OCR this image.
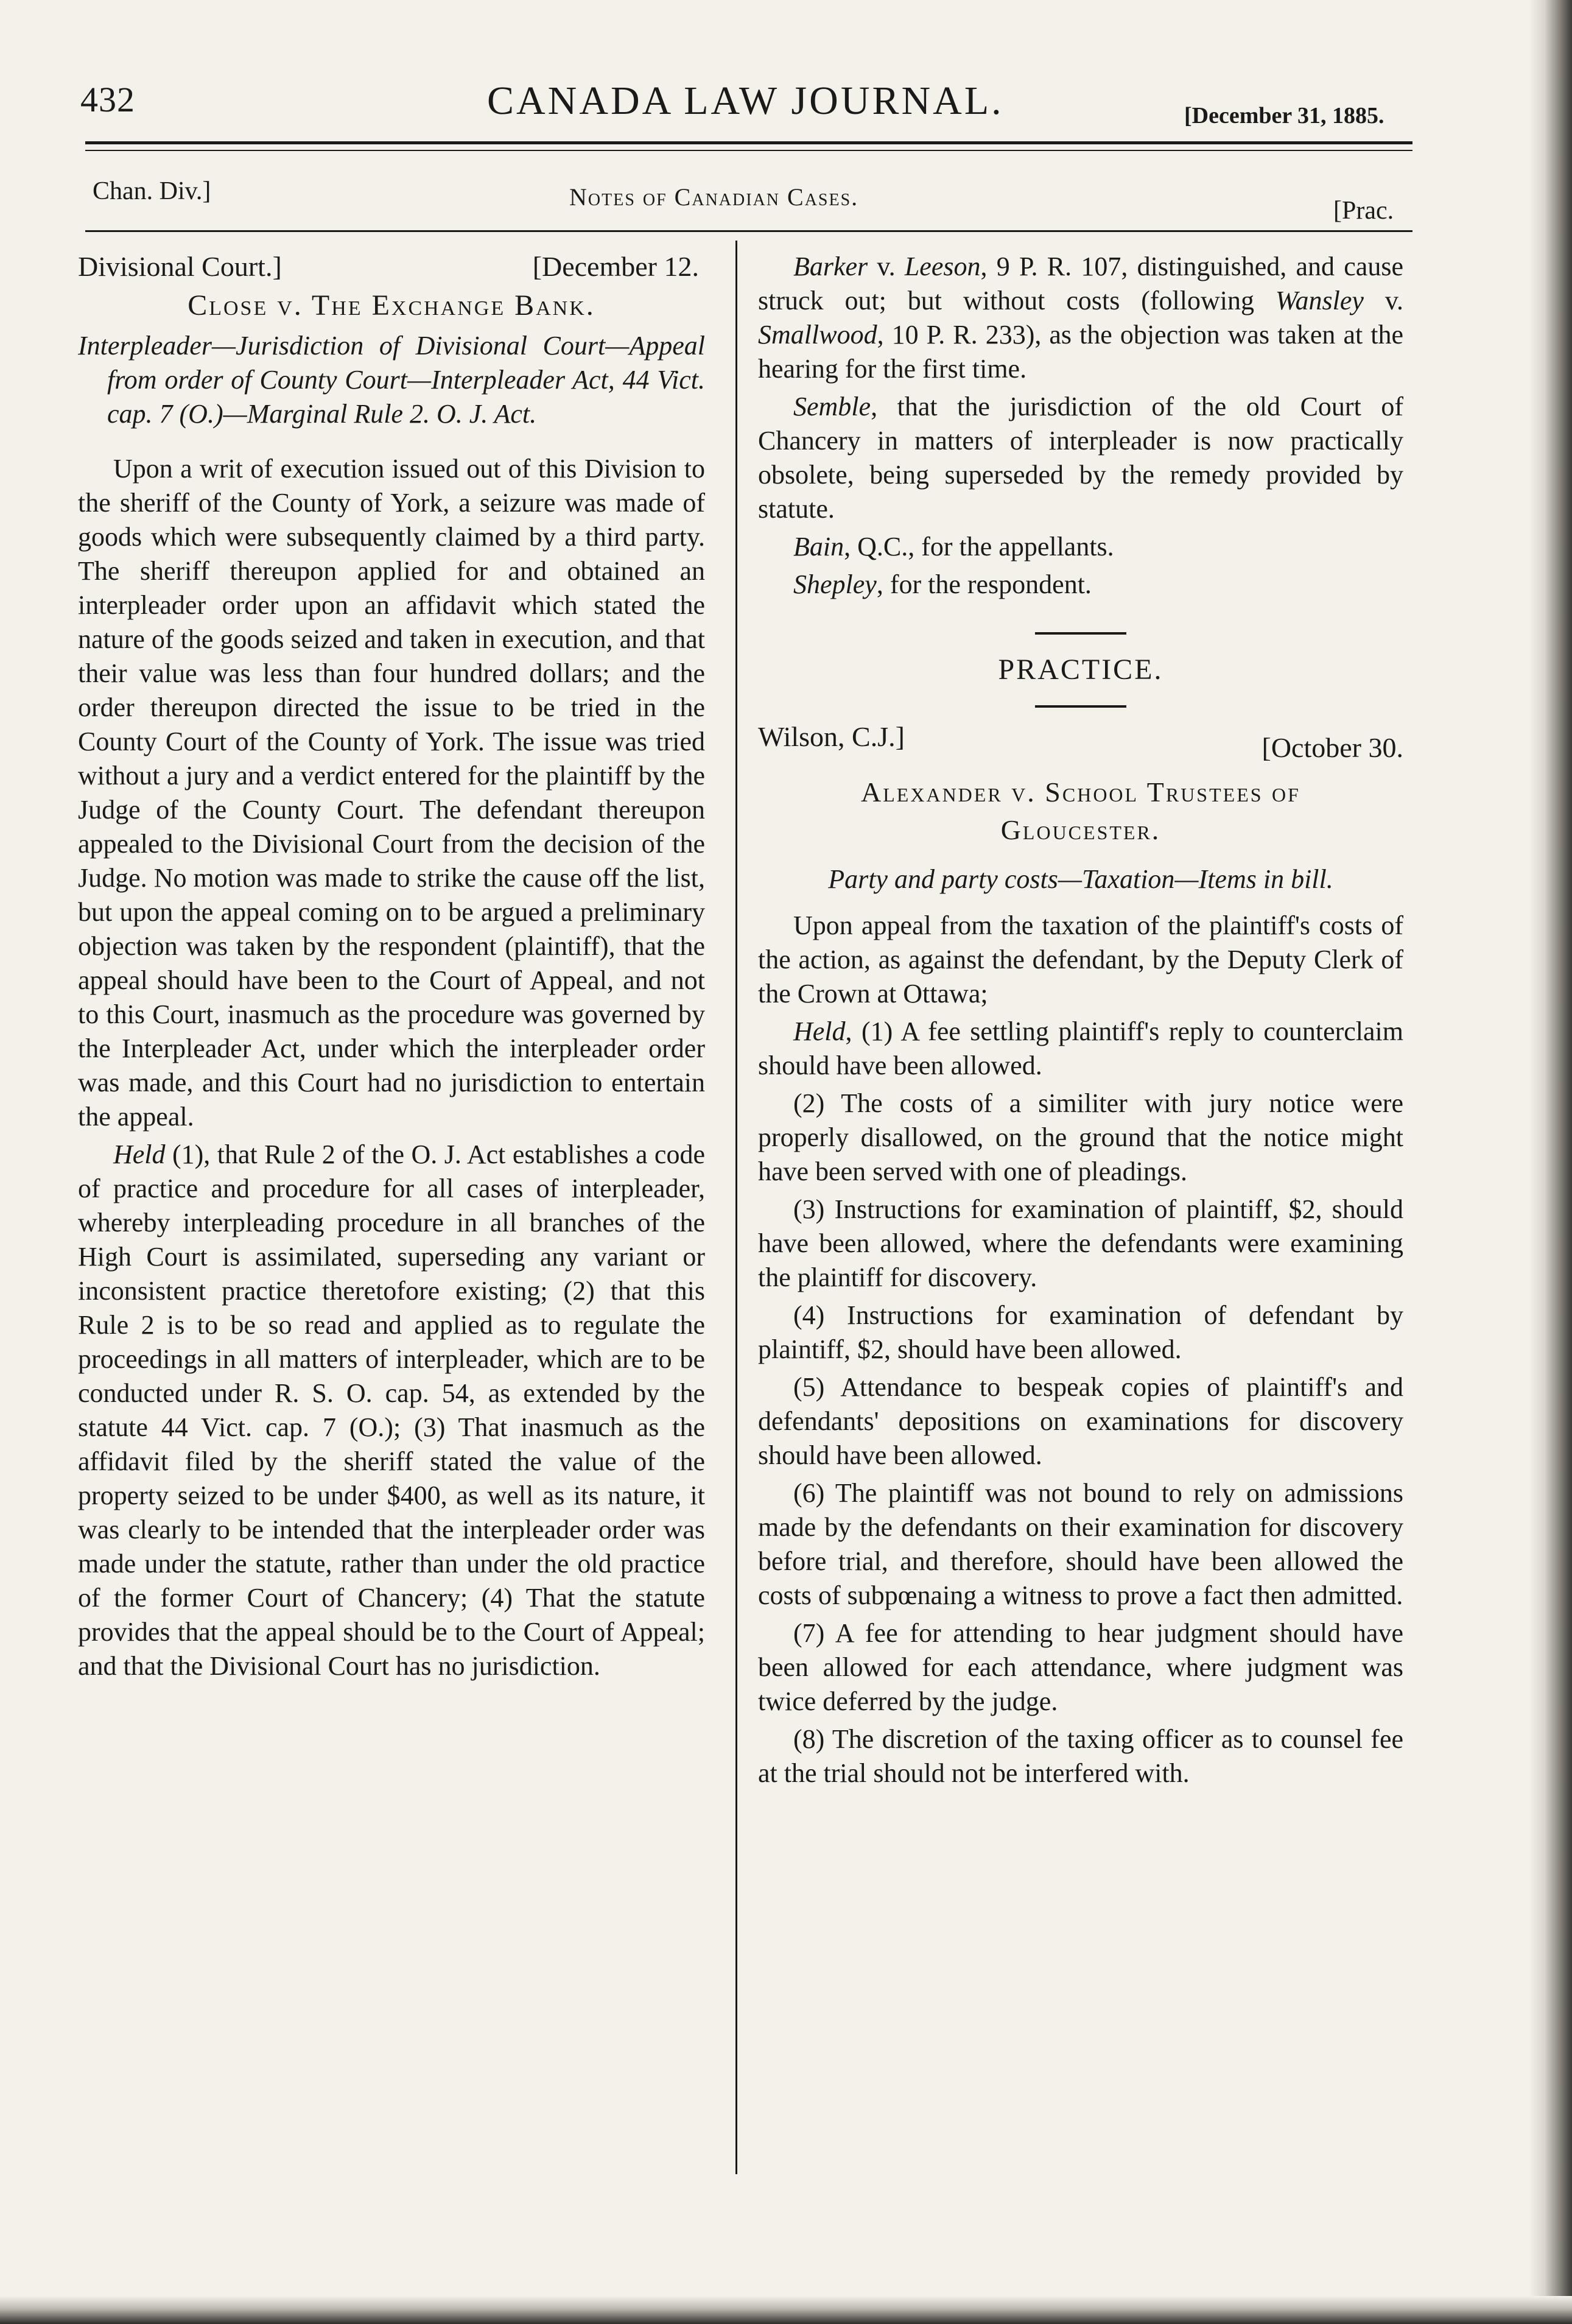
432	CANADA LAW JOURNAL.	[December 31, 1885.
Chan. Div.]	Notes of Canadian Cases.	[Prac.
Divisional Court.]	[December 12.
Close v. The Exchange Bank.
Interpleader—Jurisdiction of Divisional Court—Appeal from order of County Court—Interpleader Act, 44 Vict. cap. 7 (O.)—Marginal Rule 2. O. J. Act.

Upon a writ of execution issued out of this Division to the sheriff of the County of York, a seizure was made of goods which were subsequently claimed by a third party. The sheriff thereupon applied for and obtained an interpleader order upon an affidavit which stated the nature of the goods seized and taken in execution, and that their value was less than four hundred dollars; and the order thereupon directed the issue to be tried in the County Court of the County of York. The issue was tried without a jury and a verdict entered for the plaintiff by the Judge of the County Court. The defendant thereupon appealed to the Divisional Court from the decision of the Judge. No motion was made to strike the cause off the list, but upon the appeal coming on to be argued a preliminary objection was taken by the respondent (plaintiff), that the appeal should have been to the Court of Appeal, and not to this Court, inasmuch as the procedure was governed by the Interpleader Act, under which the interpleader order was made, and this Court had no jurisdiction to entertain the appeal.

Held (1), that Rule 2 of the O. J. Act establishes a code of practice and procedure for all cases of interpleader, whereby interpleading procedure in all branches of the High Court is assimilated, superseding any variant or inconsistent practice theretofore existing; (2) that this Rule 2 is to be so read and applied as to regulate the proceedings in all matters of interpleader, which are to be conducted under R. S. O. cap. 54, as extended by the statute 44 Vict. cap. 7 (O.); (3) That inasmuch as the affidavit filed by the sheriff stated the value of the property seized to be under $400, as well as its nature, it was clearly to be intended that the interpleader order was made under the statute, rather than under the old practice of the former Court of Chancery; (4) That the statute provides that the appeal should be to the Court of Appeal; and that the Divisional Court has no jurisdiction.

Barker v. Leeson, 9 P. R. 107, distinguished, and cause struck out; but without costs (following Wansley v. Smallwood, 10 P. R. 233), as the objection was taken at the hearing for the first time.

Semble, that the jurisdiction of the old Court of Chancery in matters of interpleader is now practically obsolete, being superseded by the remedy provided by statute.

Bain, Q.C., for the appellants.

Shepley, for the respondent.

PRACTICE.
Wilson, C.J.]	[October 30.
Alexander v. School Trustees of
Gloucester.
Party and party costs—Taxation—Items in bill.

Upon appeal from the taxation of the plaintiff's costs of the action, as against the defendant, by the Deputy Clerk of the Crown at Ottawa;

Held, (1) A fee settling plaintiff's reply to counterclaim should have been allowed.

(2) The costs of a similiter with jury notice were properly disallowed, on the ground that the notice might have been served with one of pleadings.

(3) Instructions for examination of plaintiff, $2, should have been allowed, where the defendants were examining the plaintiff for discovery.

(4) Instructions for examination of defendant by plaintiff, $2, should have been allowed.

(5) Attendance to bespeak copies of plaintiff's and defendants' depositions on examinations for discovery should have been allowed.

(6) The plaintiff was not bound to rely on admissions made by the defendants on their examination for discovery before trial, and therefore, should have been allowed the costs of subpœnaing a witness to prove a fact then admitted.

(7) A fee for attending to hear judgment should have been allowed for each attendance, where judgment was twice deferred by the judge.

(8) The discretion of the taxing officer as to counsel fee at the trial should not be interfered with.
